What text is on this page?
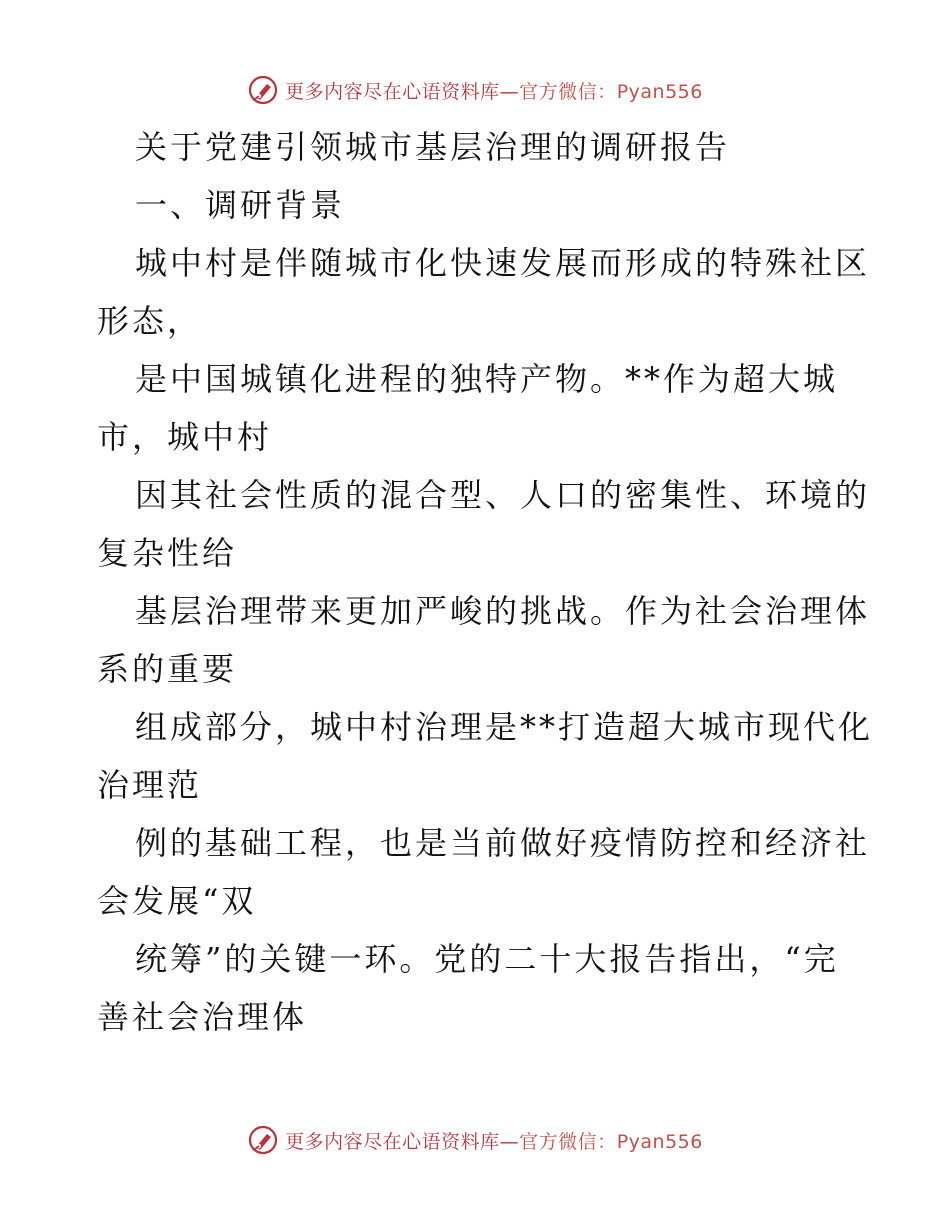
更多内容尽在心语资料库—官方微信：Pyan556
关于党建引领城市基层治理的调研报告
一、调研背景
城中村是伴随城市化快速发展而形成的特殊社区
形态，
是中国城镇化进程的独特产物。**作为超大城
市，城中村
因其社会性质的混合型、人口的密集性、环境的
复杂性给
基层治理带来更加严峻的挑战。作为社会治理体
系的重要
组成部分，城中村治理是**打造超大城市现代化
治理范
例的基础工程，也是当前做好疫情防控和经济社
会发展“双
统筹”的关键一环。党的二十大报告指出，“完
善社会治理体
更多内容尽在心语资料库—官方微信：Pyan556
